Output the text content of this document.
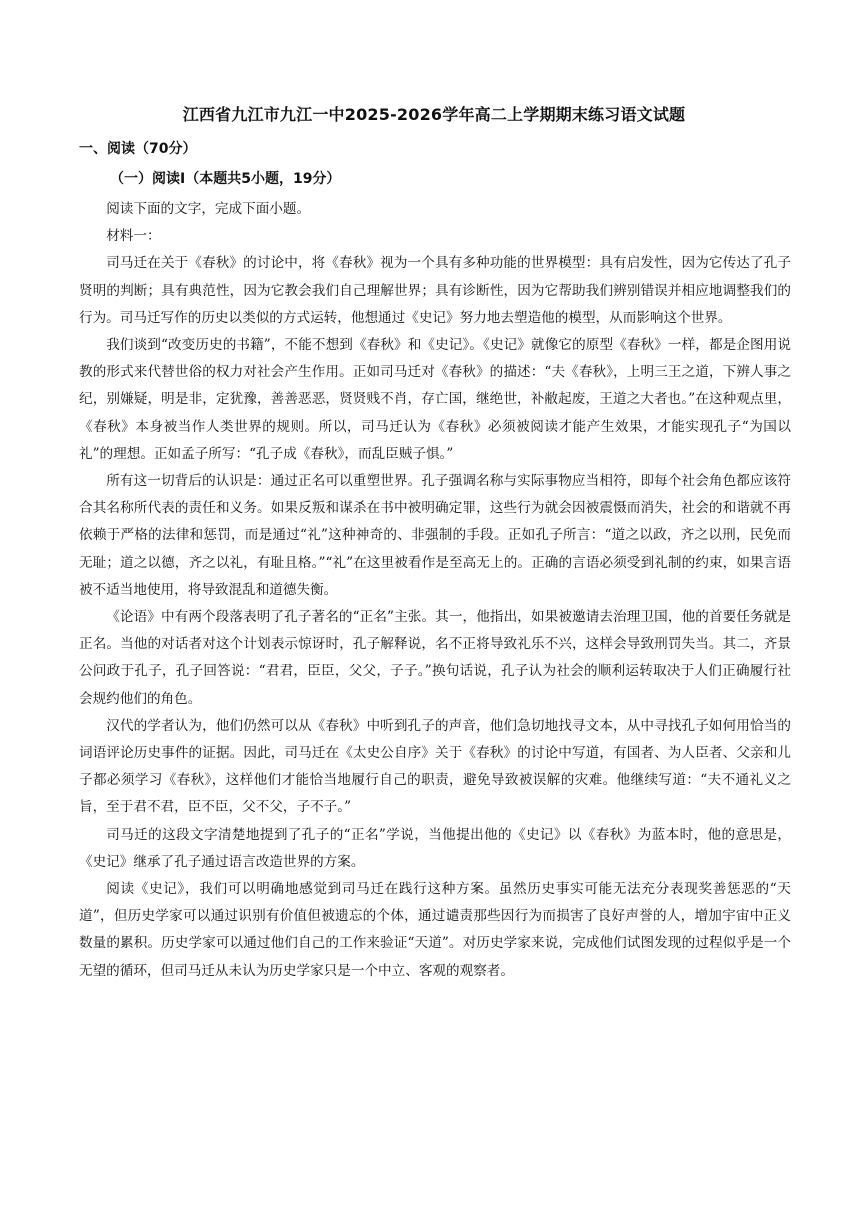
江西省九江市九江一中2025-2026学年高二上学期期末练习语文试题
一、阅读（70分）
（一）阅读I（本题共5小题，19分）

阅读下面的文字，完成下面小题。

材料一：

司马迁在关于《春秋》的讨论中，将《春秋》视为一个具有多种功能的世界模型：具有启发性，因为它传达了孔子贤明的判断；具有典范性，因为它教会我们自己理解世界；具有诊断性，因为它帮助我们辨别错误并相应地调整我们的行为。司马迁写作的历史以类似的方式运转，他想通过《史记》努力地去塑造他的模型，从而影响这个世界。

我们谈到“改变历史的书籍”，不能不想到《春秋》和《史记》。《史记》就像它的原型《春秋》一样，都是企图用说教的形式来代替世俗的权力对社会产生作用。正如司马迁对《春秋》的描述：“夫《春秋》，上明三王之道，下辨人事之纪，别嫌疑，明是非，定犹豫，善善恶恶，贤贤贱不肖，存亡国，继绝世，补敝起废，王道之大者也。”在这种观点里，《春秋》本身被当作人类世界的规则。所以，司马迁认为《春秋》必须被阅读才能产生效果，才能实现孔子“为国以礼”的理想。正如孟子所写：“孔子成《春秋》，而乱臣贼子惧。”

所有这一切背后的认识是：通过正名可以重塑世界。孔子强调名称与实际事物应当相符，即每个社会角色都应该符合其名称所代表的责任和义务。如果反叛和谋杀在书中被明确定罪，这些行为就会因被震慑而消失，社会的和谐就不再依赖于严格的法律和惩罚，而是通过“礼”这种神奇的、非强制的手段。正如孔子所言：“道之以政，齐之以刑，民免而无耻；道之以德，齐之以礼，有耻且格。”“礼”在这里被看作是至高无上的。正确的言语必须受到礼制的约束，如果言语被不适当地使用，将导致混乱和道德失衡。

《论语》中有两个段落表明了孔子著名的“正名”主张。其一，他指出，如果被邀请去治理卫国，他的首要任务就是正名。当他的对话者对这个计划表示惊讶时，孔子解释说，名不正将导致礼乐不兴，这样会导致刑罚失当。其二，齐景公问政于孔子，孔子回答说：“君君，臣臣，父父，子子。”换句话说，孔子认为社会的顺利运转取决于人们正确履行社会规约他们的角色。

汉代的学者认为，他们仍然可以从《春秋》中听到孔子的声音，他们急切地找寻文本，从中寻找孔子如何用恰当的词语评论历史事件的证据。因此，司马迁在《太史公自序》关于《春秋》的讨论中写道，有国者、为人臣者、父亲和儿子都必须学习《春秋》，这样他们才能恰当地履行自己的职责，避免导致被误解的灾难。他继续写道：“夫不通礼义之旨，至于君不君，臣不臣，父不父，子不子。”

司马迁的这段文字清楚地提到了孔子的“正名”学说，当他提出他的《史记》以《春秋》为蓝本时，他的意思是，《史记》继承了孔子通过语言改造世界的方案。

阅读《史记》，我们可以明确地感觉到司马迁在践行这种方案。虽然历史事实可能无法充分表现奖善惩恶的“天道”，但历史学家可以通过识别有价值但被遗忘的个体，通过谴责那些因行为而损害了良好声誉的人，增加宇宙中正义数量的累积。历史学家可以通过他们自己的工作来验证“天道”。对历史学家来说，完成他们试图发现的过程似乎是一个无望的循环，但司马迁从未认为历史学家只是一个中立、客观的观察者。
